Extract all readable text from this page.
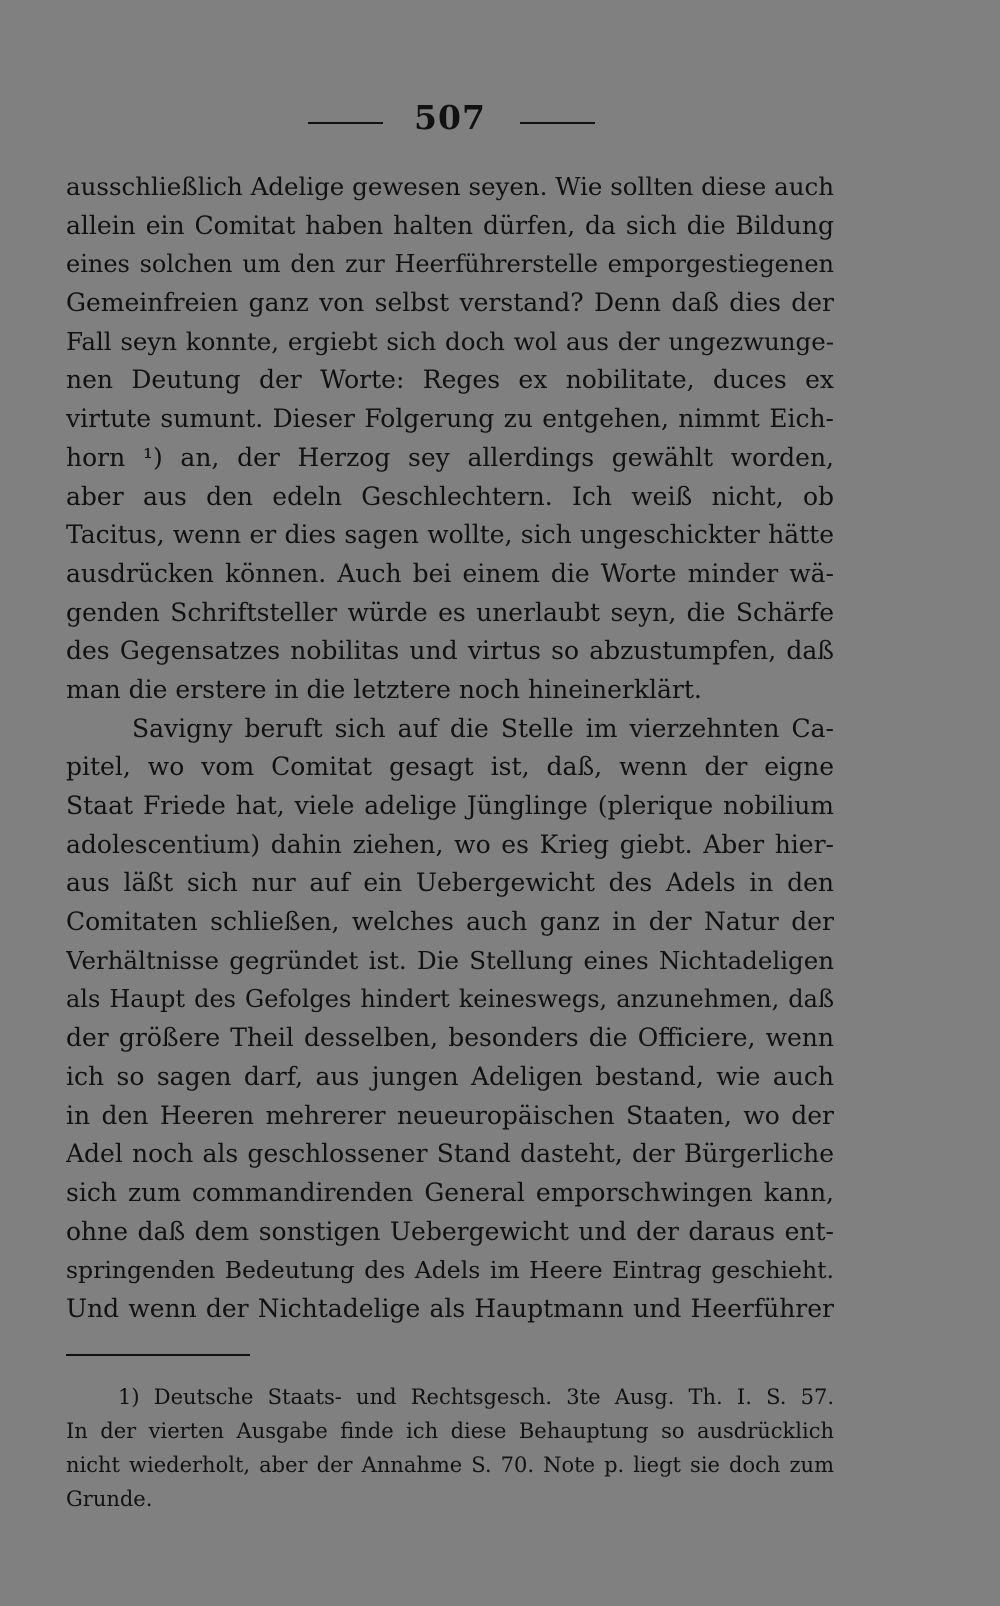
507
ausschließlich Adelige gewesen seyen. Wie sollten diese auch
allein ein Comitat haben halten dürfen, da sich die Bildung
eines solchen um den zur Heerführerstelle emporgestiegenen
Gemeinfreien ganz von selbst verstand? Denn daß dies der
Fall seyn konnte, ergiebt sich doch wol aus der ungezwunge-
nen Deutung der Worte: Reges ex nobilitate, duces ex
virtute sumunt. Dieser Folgerung zu entgehen, nimmt Eich-
horn ¹) an, der Herzog sey allerdings gewählt worden,
aber aus den edeln Geschlechtern. Ich weiß nicht, ob
Tacitus, wenn er dies sagen wollte, sich ungeschickter hätte
ausdrücken können. Auch bei einem die Worte minder wä-
genden Schriftsteller würde es unerlaubt seyn, die Schärfe
des Gegensatzes nobilitas und virtus so abzustumpfen, daß
man die erstere in die letztere noch hineinerklärt.
Savigny beruft sich auf die Stelle im vierzehnten Ca-
pitel, wo vom Comitat gesagt ist, daß, wenn der eigne
Staat Friede hat, viele adelige Jünglinge (plerique nobilium
adolescentium) dahin ziehen, wo es Krieg giebt. Aber hier-
aus läßt sich nur auf ein Uebergewicht des Adels in den
Comitaten schließen, welches auch ganz in der Natur der
Verhältnisse gegründet ist. Die Stellung eines Nichtadeligen
als Haupt des Gefolges hindert keineswegs, anzunehmen, daß
der größere Theil desselben, besonders die Officiere, wenn
ich so sagen darf, aus jungen Adeligen bestand, wie auch
in den Heeren mehrerer neueuropäischen Staaten, wo der
Adel noch als geschlossener Stand dasteht, der Bürgerliche
sich zum commandirenden General emporschwingen kann,
ohne daß dem sonstigen Uebergewicht und der daraus ent-
springenden Bedeutung des Adels im Heere Eintrag geschieht.
Und wenn der Nichtadelige als Hauptmann und Heerführer
1) Deutsche Staats- und Rechtsgesch. 3te Ausg. Th. I. S. 57.
In der vierten Ausgabe finde ich diese Behauptung so ausdrücklich
nicht wiederholt, aber der Annahme S. 70. Note p. liegt sie doch zum
Grunde.
